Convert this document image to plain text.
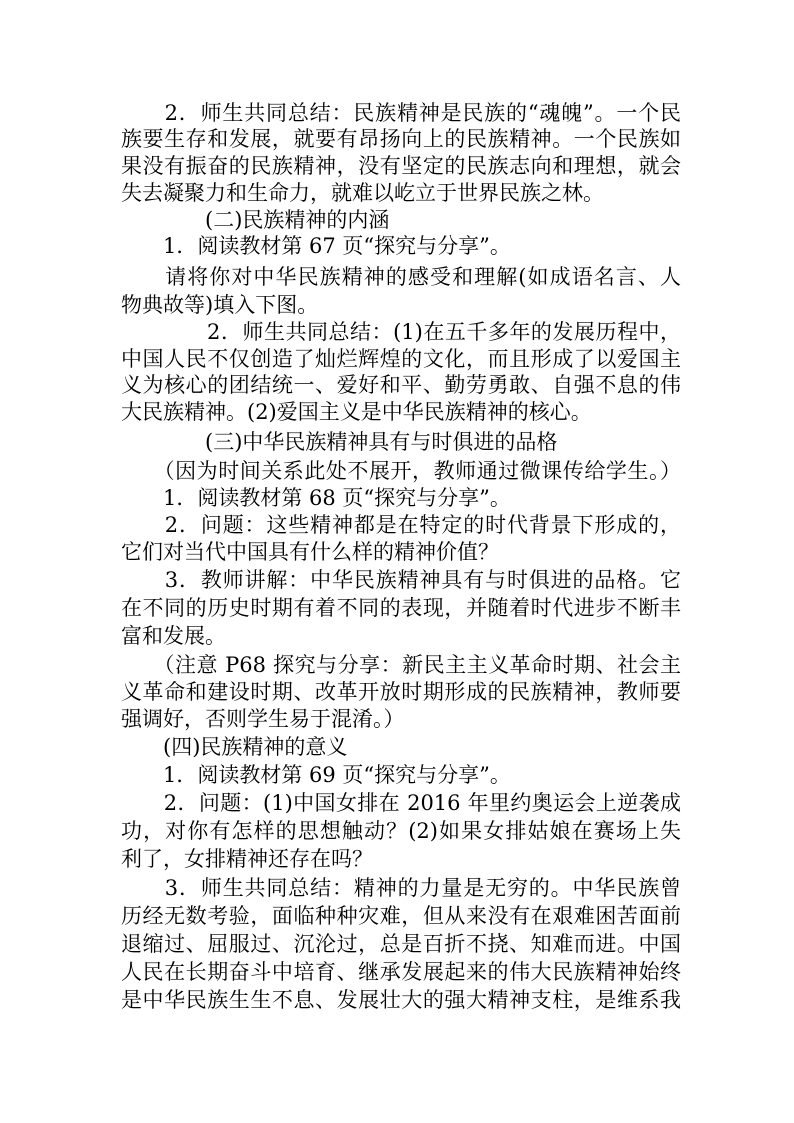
　　2．师生共同总结：民族精神是民族的“魂魄”。一个民
族要生存和发展，就要有昂扬向上的民族精神。一个民族如
果没有振奋的民族精神，没有坚定的民族志向和理想，就会
失去凝聚力和生命力，就难以屹立于世界民族之林。
　　　　(二)民族精神的内涵
　　1．阅读教材第 67 页“探究与分享”。
　　请将你对中华民族精神的感受和理解(如成语名言、人
物典故等)填入下图。
　　　　2．师生共同总结：(1)在五千多年的发展历程中，
中国人民不仅创造了灿烂辉煌的文化，而且形成了以爱国主
义为核心的团结统一、爱好和平、勤劳勇敢、自强不息的伟
大民族精神。(2)爱国主义是中华民族精神的核心。
　　　　(三)中华民族精神具有与时俱进的品格
　　（因为时间关系此处不展开，教师通过微课传给学生。）
　　1．阅读教材第 68 页“探究与分享”。
　　2．问题：这些精神都是在特定的时代背景下形成的，
它们对当代中国具有什么样的精神价值？
　　3．教师讲解：中华民族精神具有与时俱进的品格。它
在不同的历史时期有着不同的表现，并随着时代进步不断丰
富和发展。
　　（注意 P68 探究与分享：新民主主义革命时期、社会主
义革命和建设时期、改革开放时期形成的民族精神，教师要
强调好，否则学生易于混淆。）
　　(四)民族精神的意义
　　1．阅读教材第 69 页“探究与分享”。
　　2．问题：(1)中国女排在 2016 年里约奥运会上逆袭成
功，对你有怎样的思想触动？(2)如果女排姑娘在赛场上失
利了，女排精神还存在吗？
　　3．师生共同总结：精神的力量是无穷的。中华民族曾
历经无数考验，面临种种灾难，但从来没有在艰难困苦面前
退缩过、屈服过、沉沦过，总是百折不挠、知难而进。中国
人民在长期奋斗中培育、继承发展起来的伟大民族精神始终
是中华民族生生不息、发展壮大的强大精神支柱，是维系我
